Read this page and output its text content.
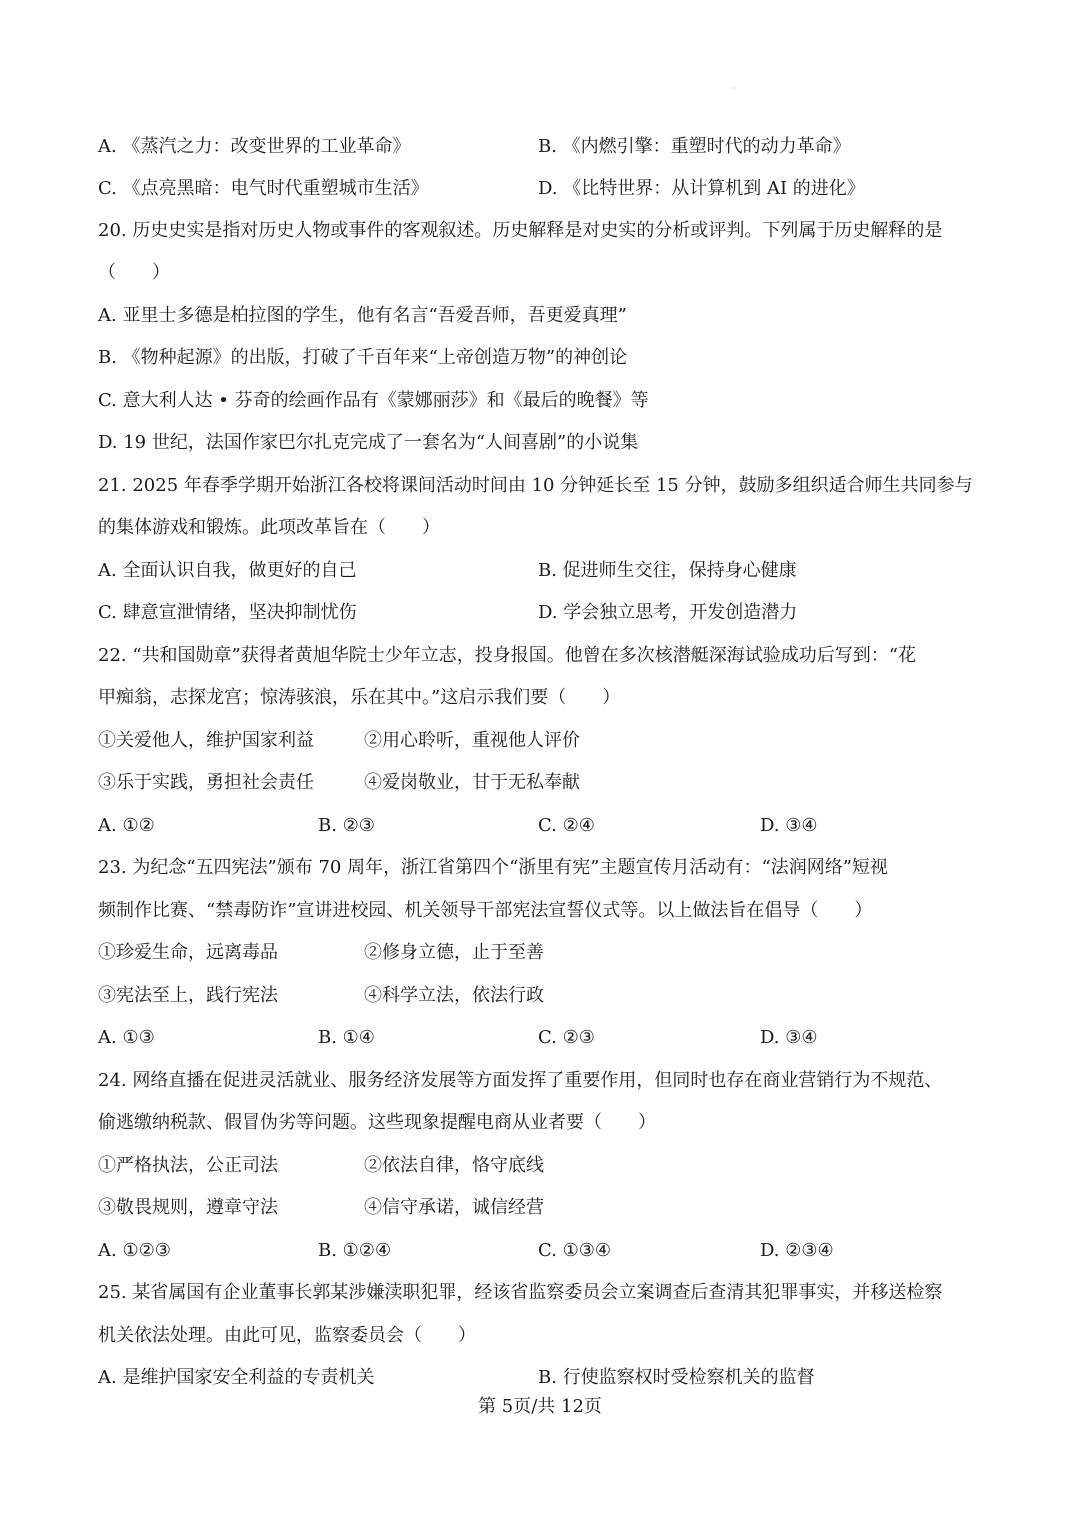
·

A. 《蒸汽之力：改变世界的工业革命》	B. 《内燃引擎：重塑时代的动力革命》

C. 《点亮黑暗：电气时代重塑城市生活》	D. 《比特世界：从计算机到 AI 的进化》

20. 历史史实是指对历史人物或事件的客观叙述。历史解释是对史实的分析或评判。下列属于历史解释的是

（　　）

A. 亚里士多德是柏拉图的学生，他有名言“吾爱吾师，吾更爱真理”

B. 《物种起源》的出版，打破了千百年来“上帝创造万物”的神创论

C. 意大利人达 • 芬奇的绘画作品有《蒙娜丽莎》和《最后的晚餐》等

D. 19 世纪，法国作家巴尔扎克完成了一套名为“人间喜剧”的小说集

21. 2025 年春季学期开始浙江各校将课间活动时间由 10 分钟延长至 15 分钟，鼓励多组织适合师生共同参与

的集体游戏和锻炼。此项改革旨在（　　）

A. 全面认识自我，做更好的自己	B. 促进师生交往，保持身心健康

C. 肆意宣泄情绪，坚决抑制忧伤	D. 学会独立思考，开发创造潜力

22. “共和国勋章”获得者黄旭华院士少年立志，投身报国。他曾在多次核潜艇深海试验成功后写到：“花

甲痴翁，志探龙宫；惊涛骇浪，乐在其中。”这启示我们要（　　）

①关爱他人，维护国家利益	②用心聆听，重视他人评价

③乐于实践，勇担社会责任	④爱岗敬业，甘于无私奉献

A. ①②	B. ②③	C. ②④	D. ③④

23. 为纪念“五四宪法”颁布 70 周年，浙江省第四个“浙里有宪”主题宣传月活动有：“法润网络”短视

频制作比赛、“禁毒防诈”宣讲进校园、机关领导干部宪法宣誓仪式等。以上做法旨在倡导（　　）

①珍爱生命，远离毒品	②修身立德，止于至善

③宪法至上，践行宪法	④科学立法，依法行政

A. ①③	B. ①④	C. ②③	D. ③④

24. 网络直播在促进灵活就业、服务经济发展等方面发挥了重要作用，但同时也存在商业营销行为不规范、

偷逃缴纳税款、假冒伪劣等问题。这些现象提醒电商从业者要（　　）

①严格执法，公正司法	②依法自律，恪守底线

③敬畏规则，遵章守法	④信守承诺，诚信经营

A. ①②③	B. ①②④	C. ①③④	D. ②③④

25. 某省属国有企业董事长郭某涉嫌渎职犯罪，经该省监察委员会立案调查后查清其犯罪事实，并移送检察

机关依法处理。由此可见，监察委员会（　　）

A. 是维护国家安全利益的专责机关	B. 行使监察权时受检察机关的监督

第 5页/共 12页
